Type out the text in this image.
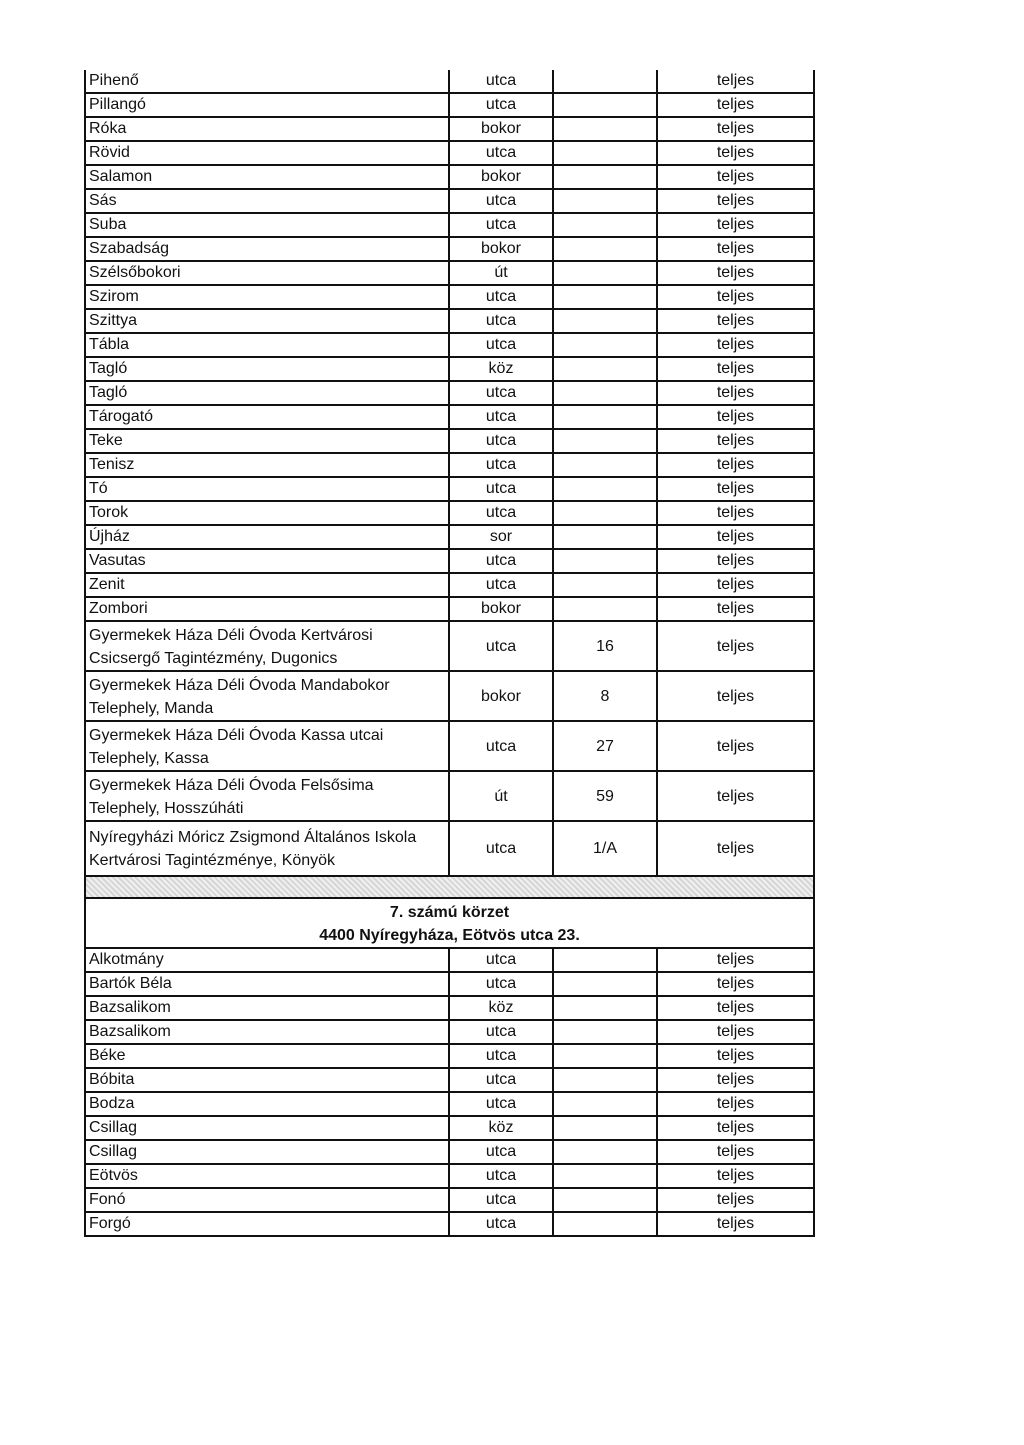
Pihenő	utca		teljes
Pillangó	utca		teljes
Róka	bokor		teljes
Rövid	utca		teljes
Salamon	bokor		teljes
Sás	utca		teljes
Suba	utca		teljes
Szabadság	bokor		teljes
Szélsőbokori	út		teljes
Szirom	utca		teljes
Szittya	utca		teljes
Tábla	utca		teljes
Tagló	köz		teljes
Tagló	utca		teljes
Tárogató	utca		teljes
Teke	utca		teljes
Tenisz	utca		teljes
Tó	utca		teljes
Torok	utca		teljes
Újház	sor		teljes
Vasutas	utca		teljes
Zenit	utca		teljes
Zombori	bokor		teljes
Gyermekek Háza Déli Óvoda Kertvárosi Csicsergő Tagintézmény, Dugonics	utca	16	teljes
Gyermekek Háza Déli Óvoda Mandabokor Telephely, Manda	bokor	8	teljes
Gyermekek Háza Déli Óvoda Kassa utcai Telephely, Kassa	utca	27	teljes
Gyermekek Háza Déli Óvoda Felsősima Telephely, Hosszúháti	út	59	teljes
Nyíregyházi Móricz Zsigmond Általános Iskola Kertvárosi Tagintézménye, Könyök	utca	1/A	teljes

7. számú körzet
4400 Nyíregyháza, Eötvös utca 23.			

Alkotmány	utca		teljes
Bartók Béla	utca		teljes
Bazsalikom	köz		teljes
Bazsalikom	utca		teljes
Béke	utca		teljes
Bóbita	utca		teljes
Bodza	utca		teljes
Csillag	köz		teljes
Csillag	utca		teljes
Eötvös	utca		teljes
Fonó	utca		teljes
Forgó	utca		teljes
